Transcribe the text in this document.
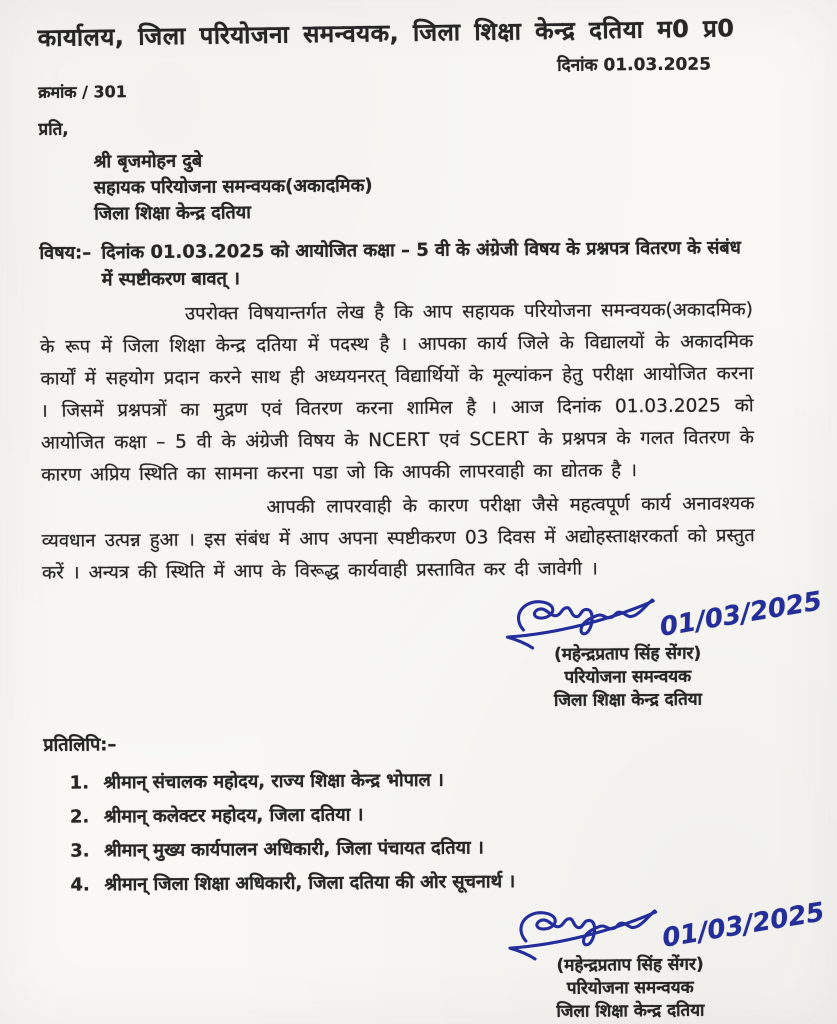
कार्यालय, जिला परियोजना समन्वयक, जिला शिक्षा केन्द्र दतिया म0 प्र0
दिनांक 01.03.2025
क्रमांक / 301
प्रति,
श्री बृजमोहन दुबे
सहायक परियोजना समन्वयक(अकादमिक)
जिला शिक्षा केन्द्र दतिया
विषय:– दिनांक 01.03.2025 को आयोजित कक्षा – 5 वी के अंग्रेजी विषय के प्रश्नपत्र वितरण के संबंध में स्पष्टीकरण बावत् ।

उपरोक्त विषयान्तर्गत लेख है कि आप सहायक परियोजना समन्वयक(अकादमिक) के रूप में जिला शिक्षा केन्द्र दतिया में पदस्थ है । आपका कार्य जिले के विद्यालयों के अकादमिक कार्यों में सहयोग प्रदान करने साथ ही अध्ययनरत् विद्यार्थियों के मूल्यांकन हेतु परीक्षा आयोजित करना । जिसमें प्रश्नपत्रों का मुद्रण एवं वितरण करना शामिल है । आज दिनांक 01.03.2025 को आयोजित कक्षा – 5 वी के अंग्रेजी विषय के NCERT एवं SCERT के प्रश्नपत्र के गलत वितरण के कारण अप्रिय स्थिति का सामना करना पडा जो कि आपकी लापरवाही का द्योतक है ।

आपकी लापरवाही के कारण परीक्षा जैसे महत्वपूर्ण कार्य अनावश्यक व्यवधान उत्पन्न हुआ । इस संबंध में आप अपना स्पष्टीकरण 03 दिवस में अद्योहस्ताक्षरकर्ता को प्रस्तुत करें । अन्यत्र की स्थिति में आप के विरूद्ध कार्यवाही प्रस्तावित कर दी जावेगी ।

01/03/2025
(महेन्द्रप्रताप सिंह सेंगर)
परियोजना समन्वयक
जिला शिक्षा केन्द्र दतिया
प्रतिलिपि:–
1. श्रीमान् संचालक महोदय, राज्य शिक्षा केन्द्र भोपाल ।
2. श्रीमान् कलेक्टर महोदय, जिला दतिया ।
3. श्रीमान् मुख्य कार्यपालन अधिकारी, जिला पंचायत दतिया ।
4. श्रीमान् जिला शिक्षा अधिकारी, जिला दतिया की ओर सूचनार्थ ।
01/03/2025
(महेन्द्रप्रताप सिंह सेंगर)
परियोजना समन्वयक
जिला शिक्षा केन्द्र दतिया
